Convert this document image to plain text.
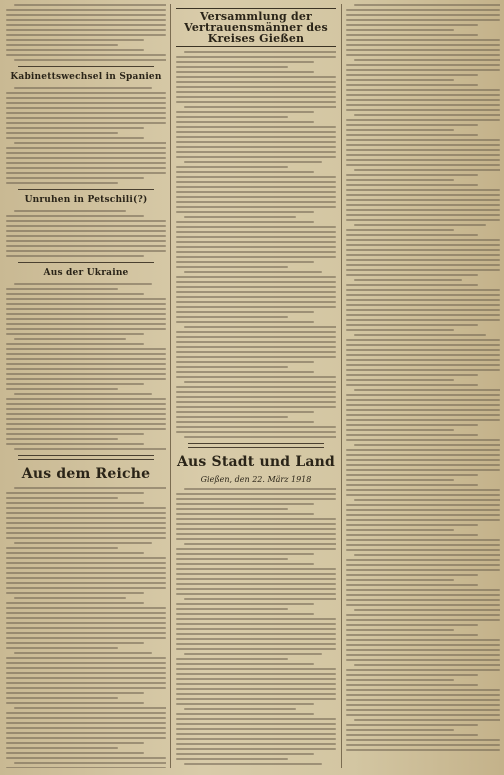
Kabinettswechsel in Spanien
Unruhen in Petschili(?)
Aus der Ukraine
Aus dem Reiche
Versammlung der Vertrauensmänner des Kreises Gießen
Aus Stadt und Land
Gießen, den 22. März 1918
